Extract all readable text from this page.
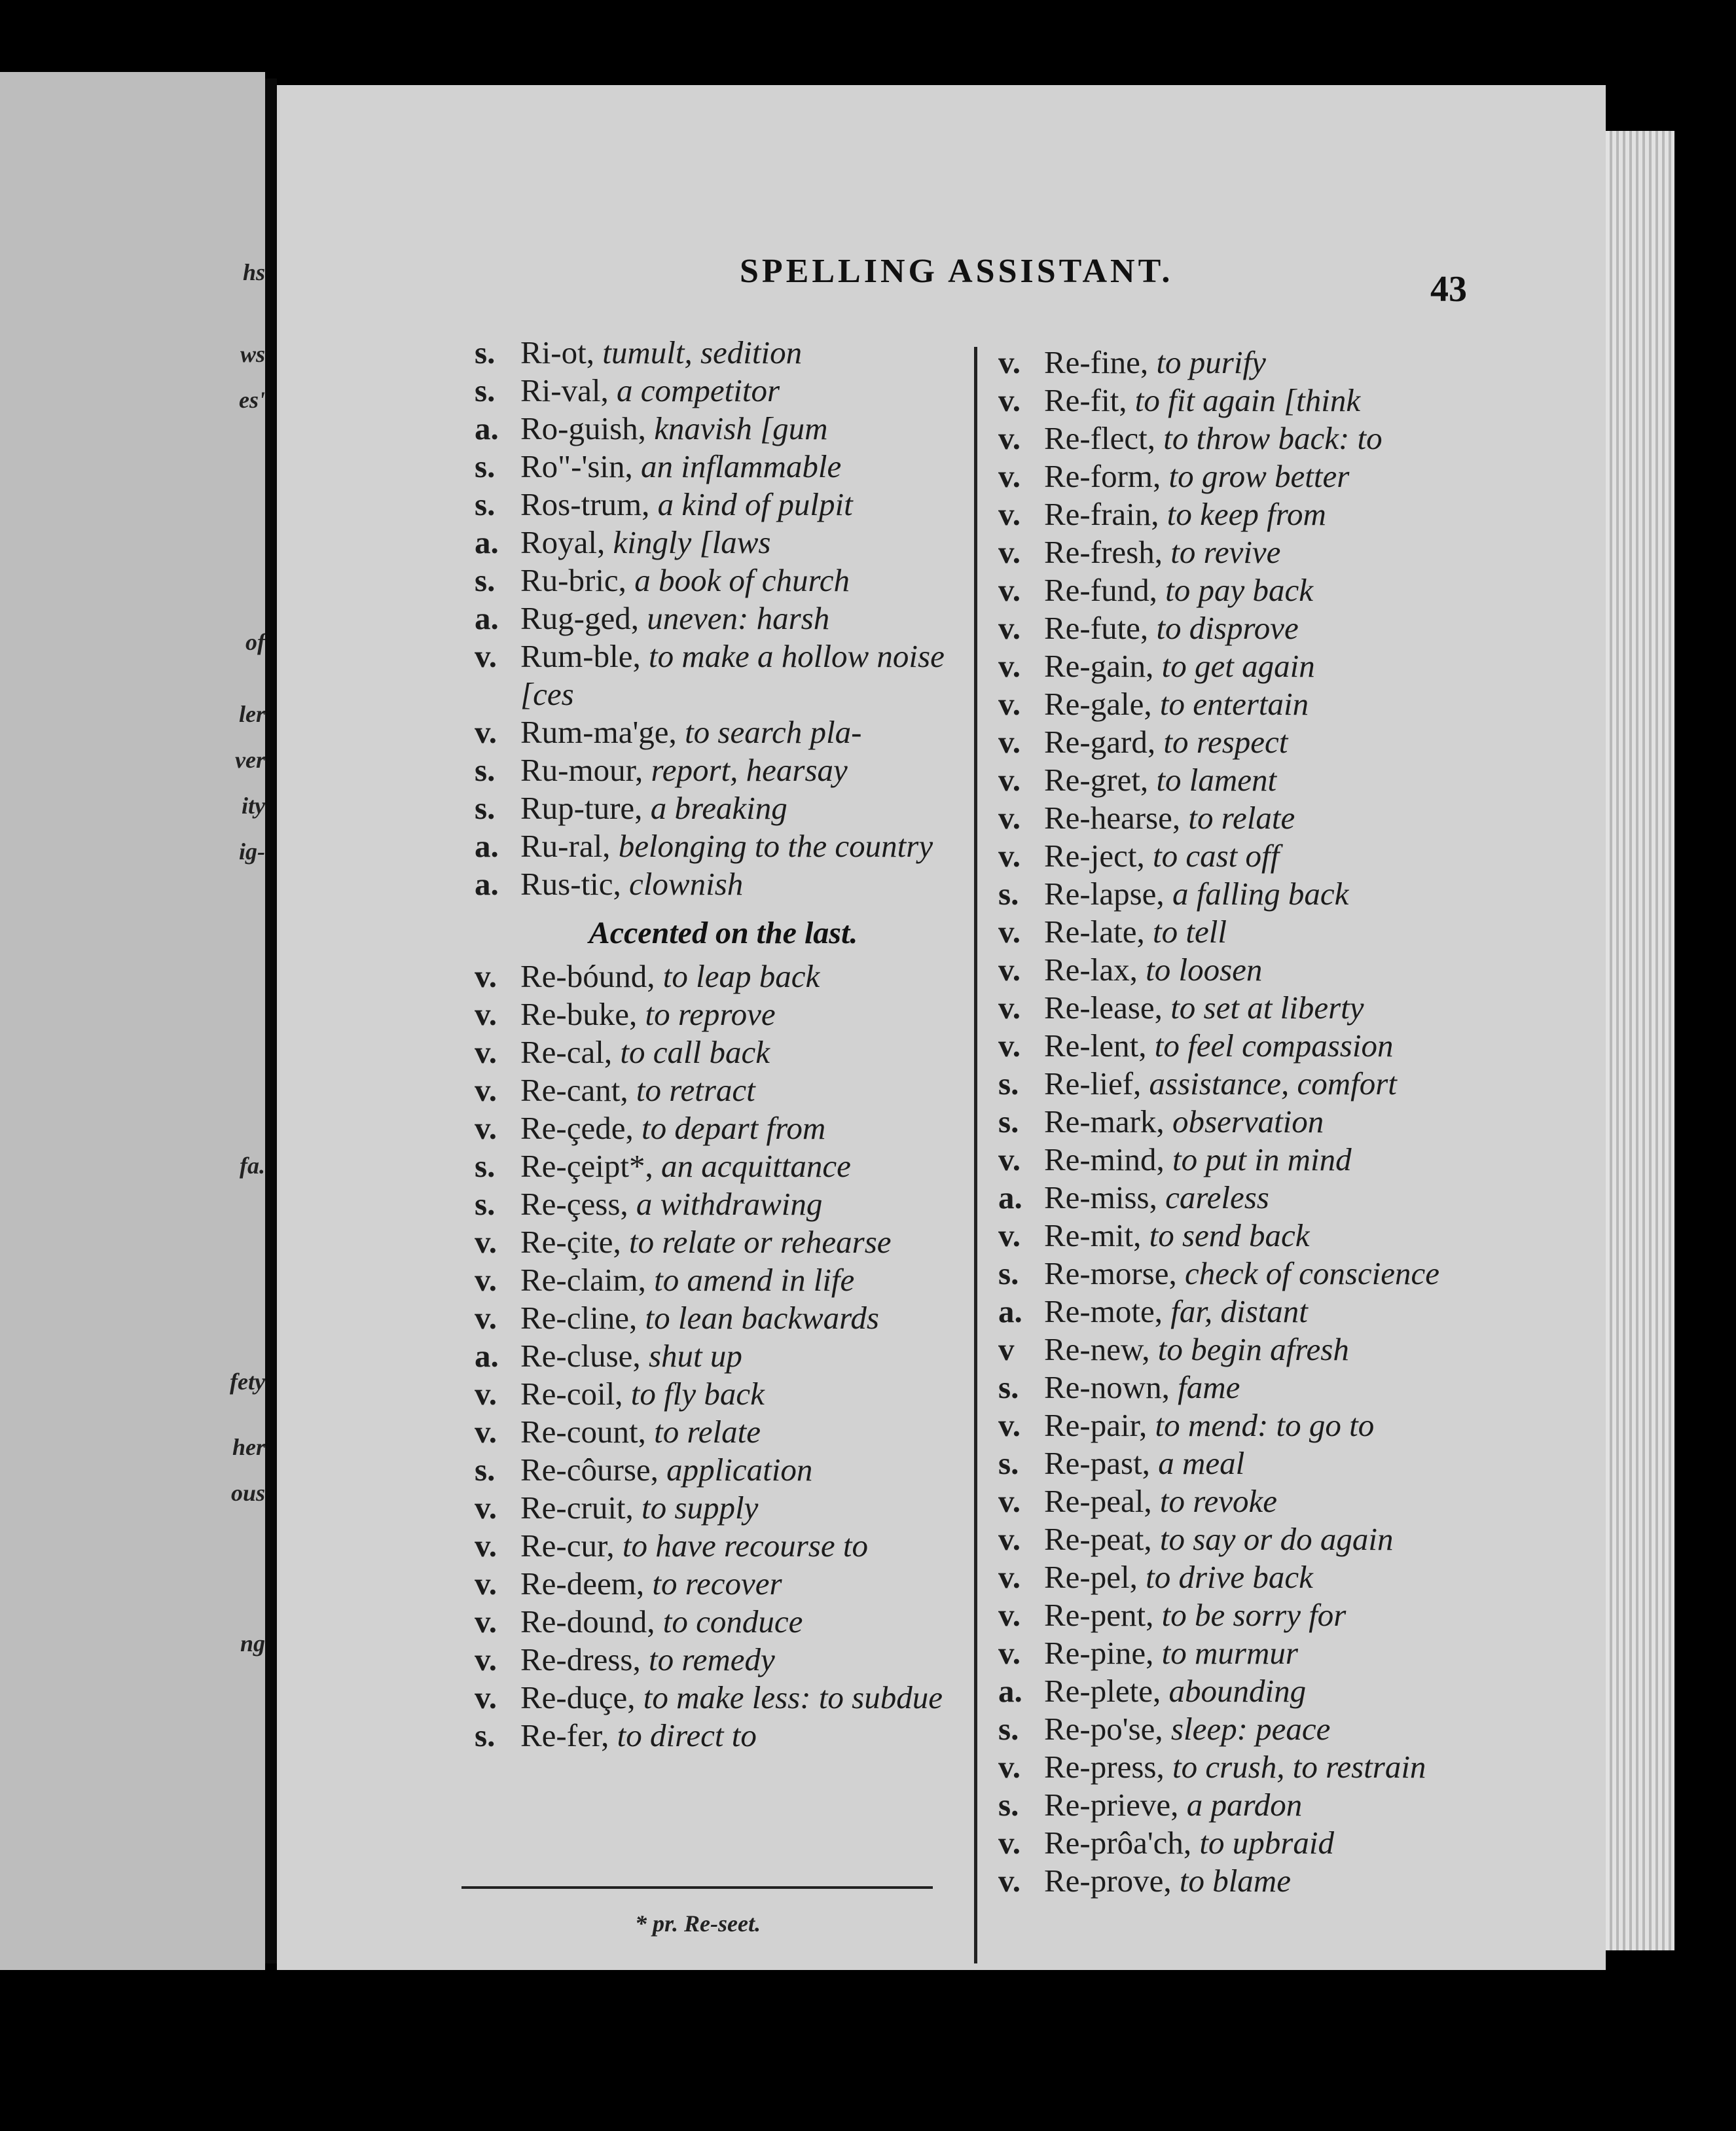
hs
ws
es'
of
ler
ver
ity
ig-
fa.
fety
her
ous
ng
SPELLING ASSISTANT.	43
s. Ri-ot, tumult, sedition
s. Ri-val, a competitor
a. Ro-guish, knavish [gum
s. Ro"-'sin, an inflammable
s. Ros-trum, a kind of pulpit
a. Royal, kingly [laws
s. Ru-bric, a book of church
a. Rug-ged, uneven: harsh
v. Rum-ble, to make a hollow noise [ces
v. Rum-ma'ge, to search pla-
s. Ru-mour, report, hearsay
s. Rup-ture, a breaking
a. Ru-ral, belonging to the country
a. Rus-tic, clownish
Accented on the last.
v. Re-bóund, to leap back
v. Re-buke, to reprove
v. Re-cal, to call back
v. Re-cant, to retract
v. Re-çede, to depart from
s. Re-çeipt*, an acquittance
s. Re-çess, a withdrawing
v. Re-çite, to relate or rehearse
v. Re-claim, to amend in life
v. Re-cline, to lean backwards
a. Re-cluse, shut up
v. Re-coil, to fly back
v. Re-count, to relate
s. Re-côurse, application
v. Re-cruit, to supply
v. Re-cur, to have recourse to
v. Re-deem, to recover
v. Re-dound, to conduce
v. Re-dress, to remedy
v. Re-duçe, to make less: to subdue
s. Re-fer, to direct to
v. Re-fine, to purify
v. Re-fit, to fit again [think
v. Re-flect, to throw back: to
v. Re-form, to grow better
v. Re-frain, to keep from
v. Re-fresh, to revive
v. Re-fund, to pay back
v. Re-fute, to disprove
v. Re-gain, to get again
v. Re-gale, to entertain
v. Re-gard, to respect
v. Re-gret, to lament
v. Re-hearse, to relate
v. Re-ject, to cast off
s. Re-lapse, a falling back
v. Re-late, to tell
v. Re-lax, to loosen
v. Re-lease, to set at liberty
v. Re-lent, to feel compassion
s. Re-lief, assistance, comfort
s. Re-mark, observation
v. Re-mind, to put in mind
a. Re-miss, careless
v. Re-mit, to send back
s. Re-morse, check of conscience
a. Re-mote, far, distant
v Re-new, to begin afresh
s. Re-nown, fame
v. Re-pair, to mend: to go to
s. Re-past, a meal
v. Re-peal, to revoke
v. Re-peat, to say or do again
v. Re-pel, to drive back
v. Re-pent, to be sorry for
v. Re-pine, to murmur
a. Re-plete, abounding
s. Re-po'se, sleep: peace
v. Re-press, to crush, to restrain
s. Re-prieve, a pardon
v. Re-prôa'ch, to upbraid
v. Re-prove, to blame
* pr. Re-seet.
